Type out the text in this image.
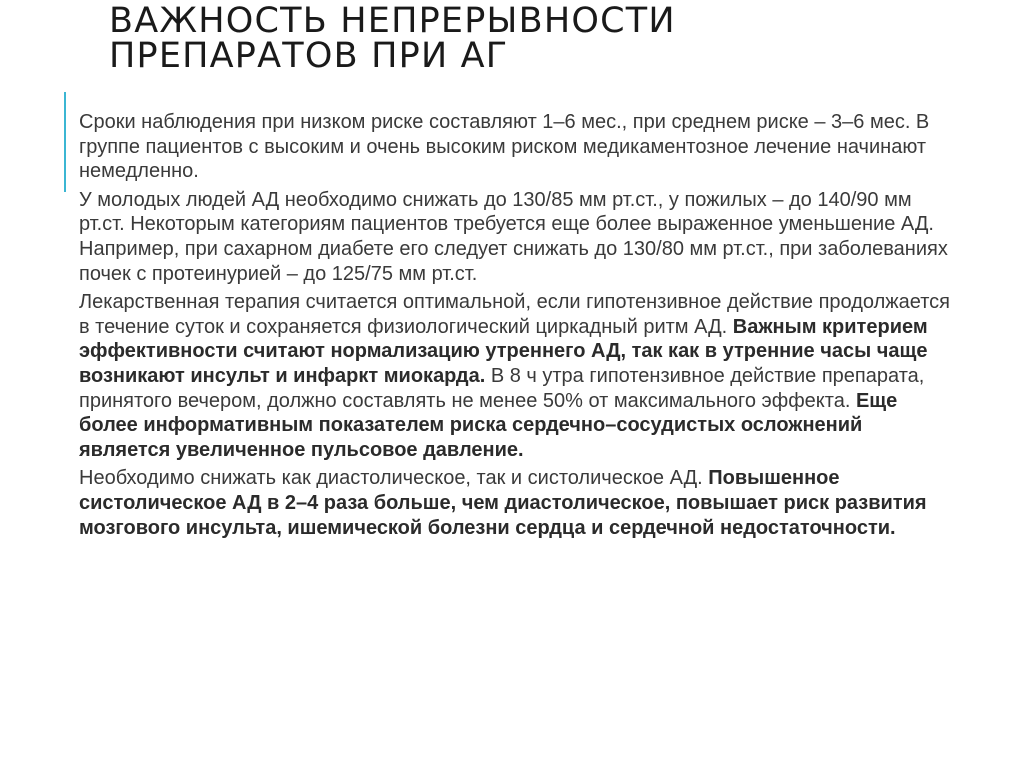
ВАЖНОСТЬ НЕПРЕРЫВНОСТИ
ПРЕПАРАТОВ ПРИ АГ

Сроки наблюдения при низком риске составляют 1–6 мес., при среднем риске – 3–6 мес. В группе пациентов с высоким и очень высоким риском медикаментозное лечение начинают немедленно.

У молодых людей АД необходимо снижать до 130/85 мм рт.ст., у пожилых – до 140/90 мм рт.ст. Некоторым категориям пациентов требуется еще более выраженное уменьшение АД. Например, при сахарном диабете его следует снижать до 130/80 мм рт.ст., при заболеваниях почек с протеинурией – до 125/75 мм рт.ст.

Лекарственная терапия считается оптимальной, если гипотензивное действие продолжается в течение суток и сохраняется физиологический циркадный ритм АД. Важным критерием эффективности считают нормализацию утреннего АД, так как в утренние часы чаще возникают инсульт и инфаркт миокарда. В 8 ч утра гипотензивное действие препарата, принятого вечером, должно составлять не менее 50% от максимального эффекта. Еще более информативным показателем риска сердечно–сосудистых осложнений является увеличенное пульсовое давление.

Необходимо снижать как диастолическое, так и систолическое АД. Повышенное систолическое АД в 2–4 раза больше, чем диастолическое, повышает риск развития мозгового инсульта, ишемической болезни сердца и сердечной недостаточности.
